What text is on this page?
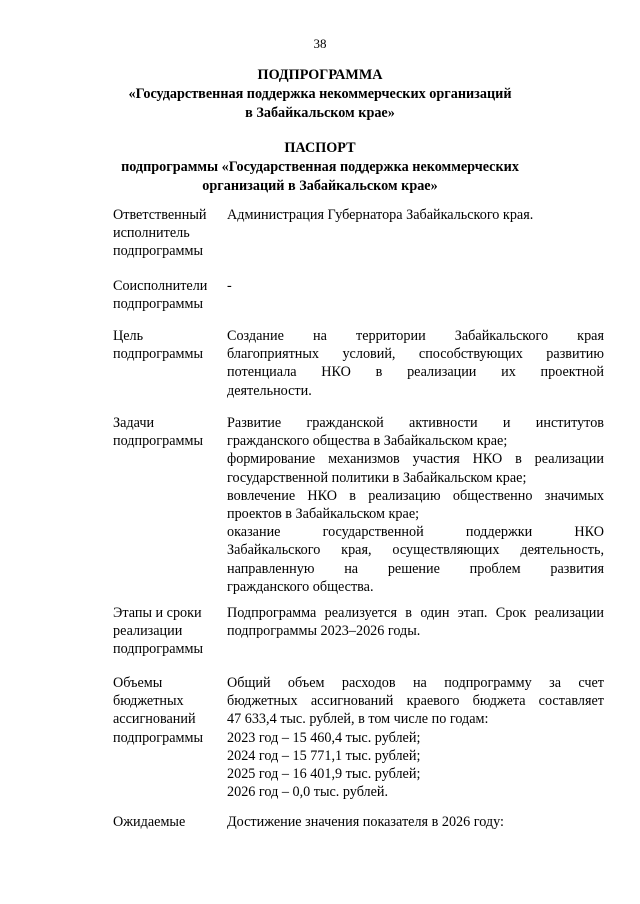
38
ПОДПРОГРАММА
«Государственная поддержка некоммерческих организаций
в Забайкальском крае»
ПАСПОРТ
подпрограммы «Государственная поддержка некоммерческих
организаций в Забайкальском крае»
Ответственный
исполнитель
подпрограммы
Администрация Губернатора Забайкальского края.
Соисполнители
подпрограммы
-
Цель
подпрограммы
Создание на территории Забайкальского края
благоприятных условий, способствующих развитию
потенциала НКО в реализации их проектной
деятельности.
Задачи
подпрограммы
Развитие гражданской активности и институтов
гражданского общества в Забайкальском крае;
формирование механизмов участия НКО в реализации
государственной политики в Забайкальском крае;
вовлечение НКО в реализацию общественно значимых
проектов в Забайкальском крае;
оказание государственной поддержки НКО
Забайкальского края, осуществляющих деятельность,
направленную на решение проблем развития
гражданского общества.
Этапы и сроки
реализации
подпрограммы
Подпрограмма реализуется в один этап. Срок реализации
подпрограммы 2023–2026 годы.
Объемы
бюджетных
ассигнований
подпрограммы
Общий объем расходов на подпрограмму за счет
бюджетных ассигнований краевого бюджета составляет
47 633,4 тыс. рублей, в том числе по годам:
2023 год – 15 460,4 тыс. рублей;
2024 год – 15 771,1 тыс. рублей;
2025 год – 16 401,9 тыс. рублей;
2026 год – 0,0 тыс. рублей.
Ожидаемые	Достижение значения показателя в 2026 году:
